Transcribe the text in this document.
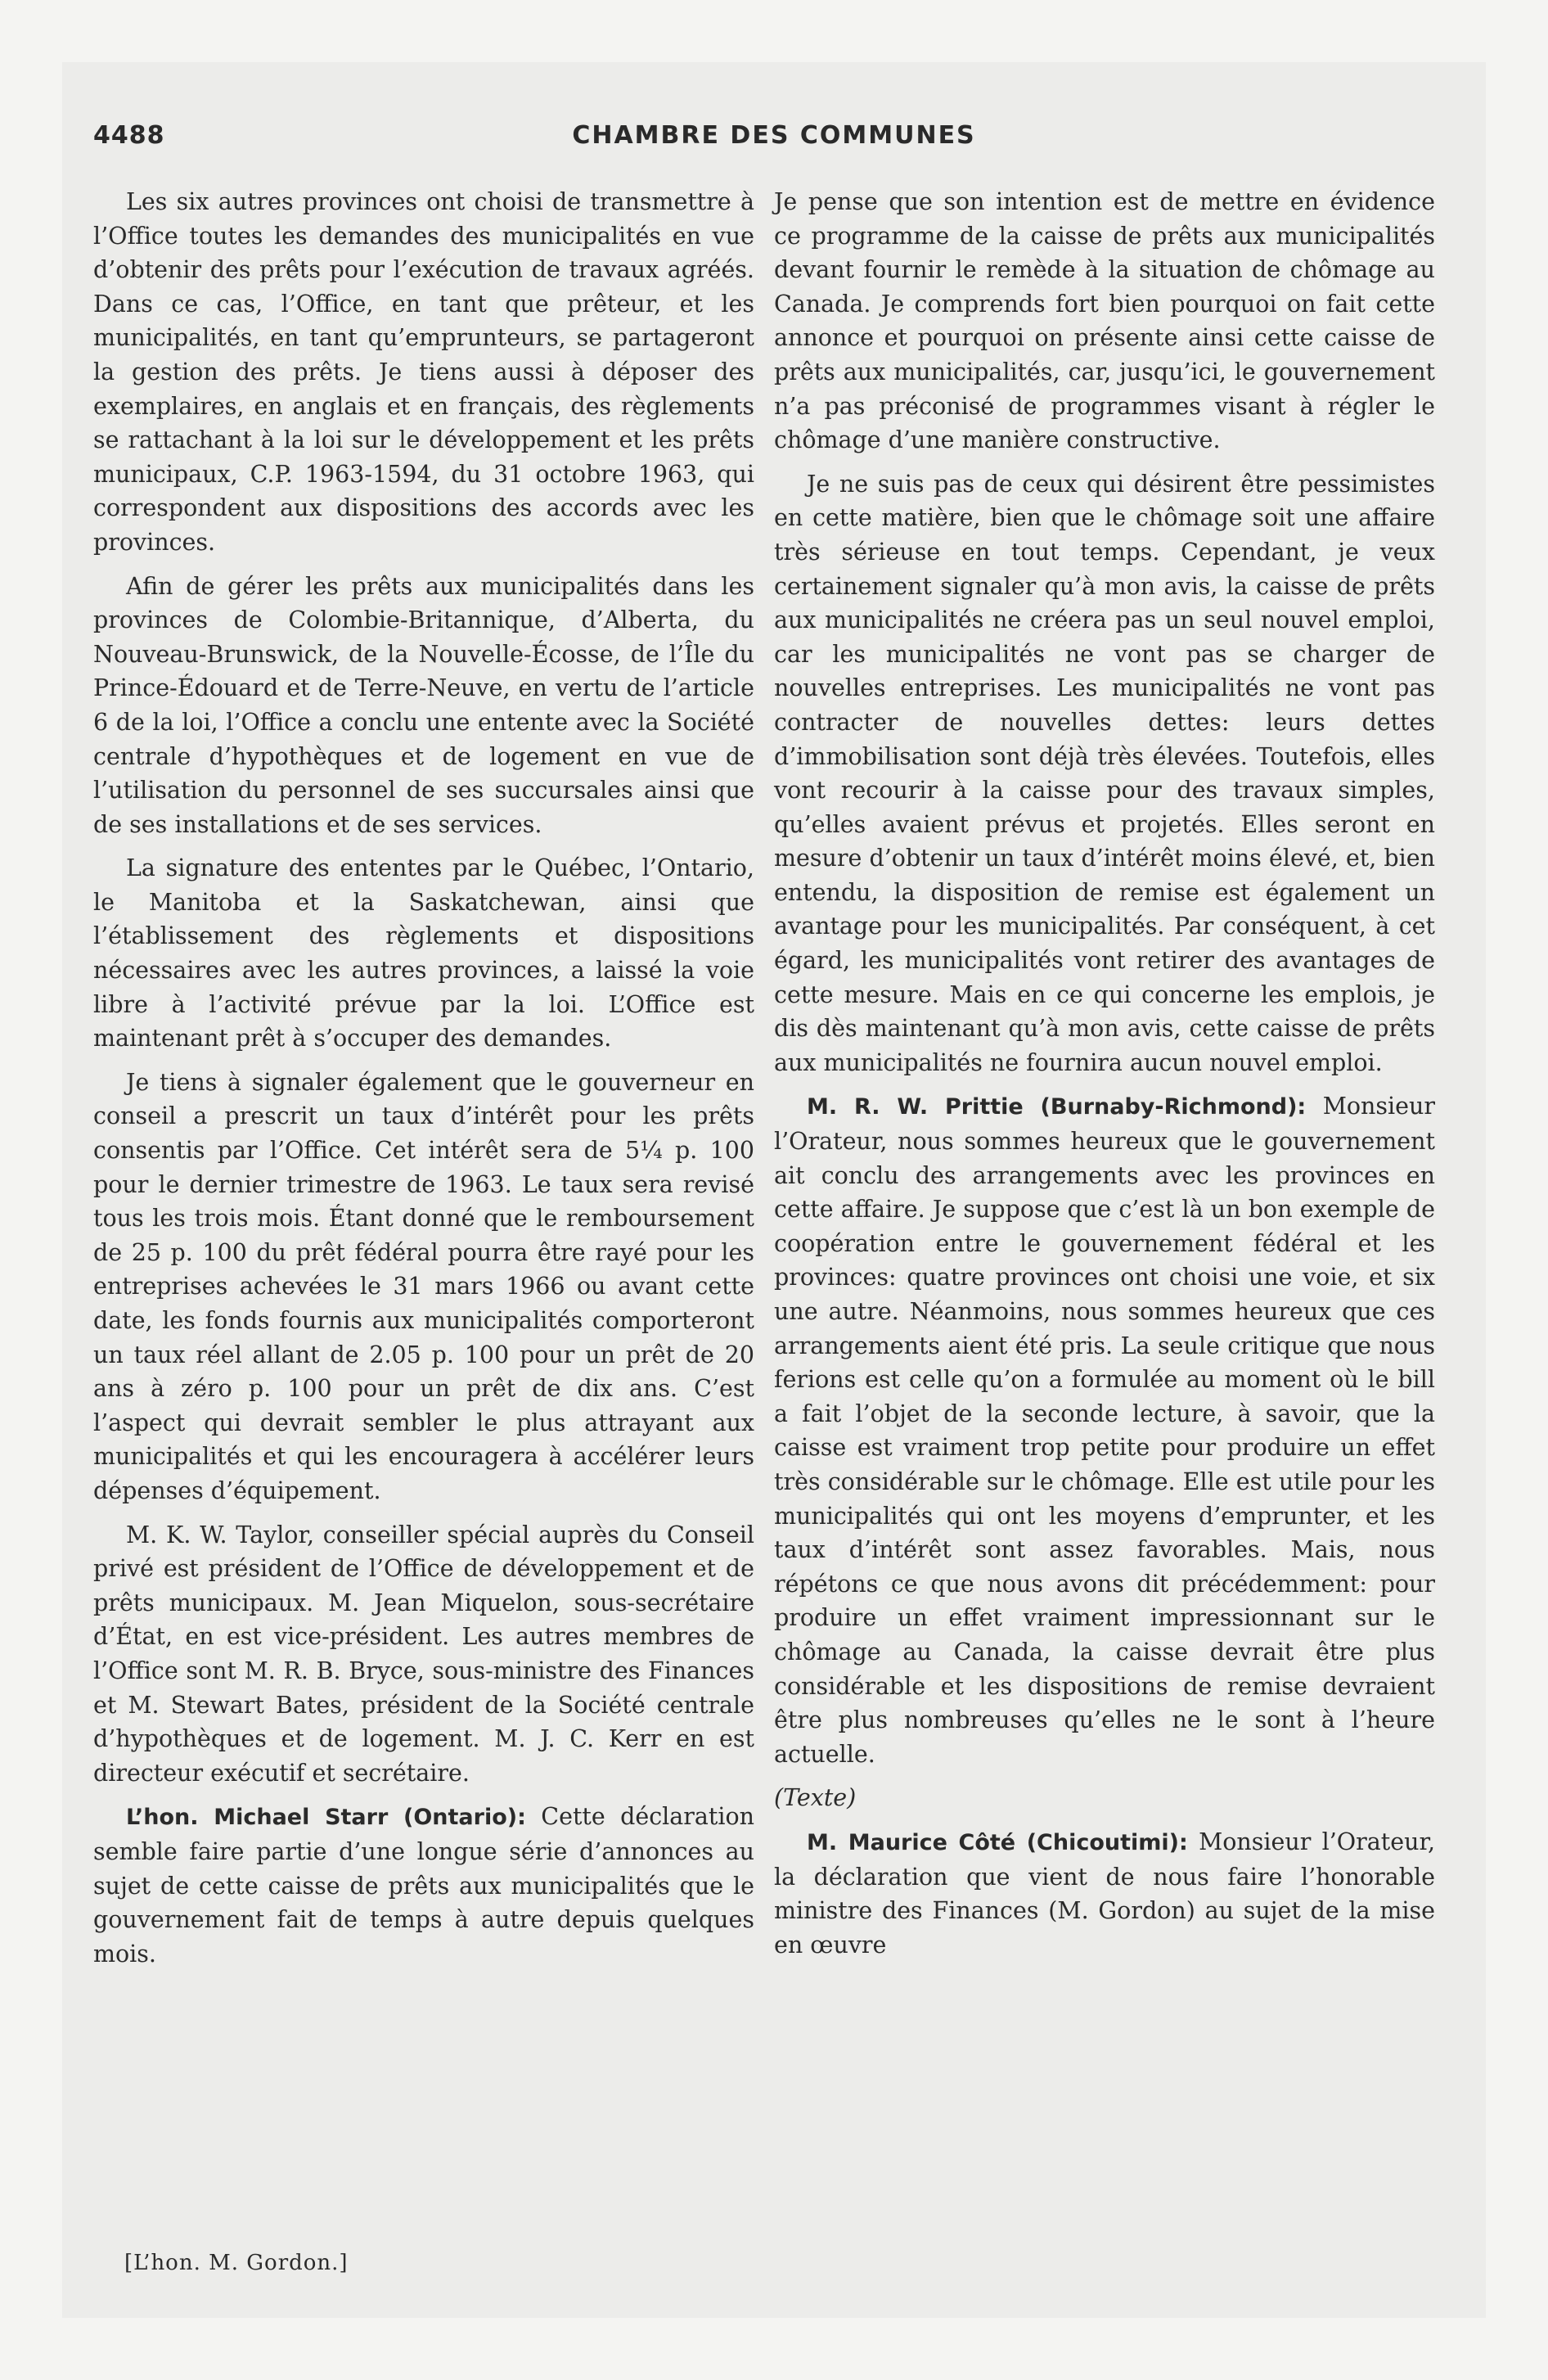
4488	CHAMBRE DES COMMUNES

Les six autres provinces ont choisi de transmettre à l’Office toutes les demandes des municipalités en vue d’obtenir des prêts pour l’exécution de travaux agréés. Dans ce cas, l’Office, en tant que prêteur, et les municipalités, en tant qu’emprunteurs, se partageront la gestion des prêts. Je tiens aussi à déposer des exemplaires, en anglais et en français, des règlements se rattachant à la loi sur le développement et les prêts municipaux, C.P. 1963-1594, du 31 octobre 1963, qui correspondent aux dispositions des accords avec les provinces.

Afin de gérer les prêts aux municipalités dans les provinces de Colombie-Britannique, d’Alberta, du Nouveau-Brunswick, de la Nouvelle-Écosse, de l’Île du Prince-Édouard et de Terre-Neuve, en vertu de l’article 6 de la loi, l’Office a conclu une entente avec la Société centrale d’hypothèques et de logement en vue de l’utilisation du personnel de ses succursales ainsi que de ses installations et de ses services.

La signature des ententes par le Québec, l’Ontario, le Manitoba et la Saskatchewan, ainsi que l’établissement des règlements et dispositions nécessaires avec les autres provinces, a laissé la voie libre à l’activité prévue par la loi. L’Office est maintenant prêt à s’occuper des demandes.

Je tiens à signaler également que le gouverneur en conseil a prescrit un taux d’intérêt pour les prêts consentis par l’Office. Cet intérêt sera de 5¼ p. 100 pour le dernier trimestre de 1963. Le taux sera revisé tous les trois mois. Étant donné que le remboursement de 25 p. 100 du prêt fédéral pourra être rayé pour les entreprises achevées le 31 mars 1966 ou avant cette date, les fonds fournis aux municipalités comporteront un taux réel allant de 2.05 p. 100 pour un prêt de 20 ans à zéro p. 100 pour un prêt de dix ans. C’est l’aspect qui devrait sembler le plus attrayant aux municipalités et qui les encouragera à accélérer leurs dépenses d’équipement.

M. K. W. Taylor, conseiller spécial auprès du Conseil privé est président de l’Office de développement et de prêts municipaux. M. Jean Miquelon, sous-secrétaire d’État, en est vice-président. Les autres membres de l’Office sont M. R. B. Bryce, sous-ministre des Finances et M. Stewart Bates, président de la Société centrale d’hypothèques et de logement. M. J. C. Kerr en est directeur exécutif et secrétaire.

L’hon. Michael Starr (Ontario): Cette déclaration semble faire partie d’une longue série d’annonces au sujet de cette caisse de prêts aux municipalités que le gouvernement fait de temps à autre depuis quelques mois.

Je pense que son intention est de mettre en évidence ce programme de la caisse de prêts aux municipalités devant fournir le remède à la situation de chômage au Canada. Je comprends fort bien pourquoi on fait cette annonce et pourquoi on présente ainsi cette caisse de prêts aux municipalités, car, jusqu’ici, le gouvernement n’a pas préconisé de programmes visant à régler le chômage d’une manière constructive.

Je ne suis pas de ceux qui désirent être pessimistes en cette matière, bien que le chômage soit une affaire très sérieuse en tout temps. Cependant, je veux certainement signaler qu’à mon avis, la caisse de prêts aux municipalités ne créera pas un seul nouvel emploi, car les municipalités ne vont pas se charger de nouvelles entreprises. Les municipalités ne vont pas contracter de nouvelles dettes: leurs dettes d’immobilisation sont déjà très élevées. Toutefois, elles vont recourir à la caisse pour des travaux simples, qu’elles avaient prévus et projetés. Elles seront en mesure d’obtenir un taux d’intérêt moins élevé, et, bien entendu, la disposition de remise est également un avantage pour les municipalités. Par conséquent, à cet égard, les municipalités vont retirer des avantages de cette mesure. Mais en ce qui concerne les emplois, je dis dès maintenant qu’à mon avis, cette caisse de prêts aux municipalités ne fournira aucun nouvel emploi.

M. R. W. Prittie (Burnaby-Richmond): Monsieur l’Orateur, nous sommes heureux que le gouvernement ait conclu des arrangements avec les provinces en cette affaire. Je suppose que c’est là un bon exemple de coopération entre le gouvernement fédéral et les provinces: quatre provinces ont choisi une voie, et six une autre. Néanmoins, nous sommes heureux que ces arrangements aient été pris. La seule critique que nous ferions est celle qu’on a formulée au moment où le bill a fait l’objet de la seconde lecture, à savoir, que la caisse est vraiment trop petite pour produire un effet très considérable sur le chômage. Elle est utile pour les municipalités qui ont les moyens d’emprunter, et les taux d’intérêt sont assez favorables. Mais, nous répétons ce que nous avons dit précédemment: pour produire un effet vraiment impressionnant sur le chômage au Canada, la caisse devrait être plus considérable et les dispositions de remise devraient être plus nombreuses qu’elles ne le sont à l’heure actuelle.

(Texte)

M. Maurice Côté (Chicoutimi): Monsieur l’Orateur, la déclaration que vient de nous faire l’honorable ministre des Finances (M. Gordon) au sujet de la mise en œuvre

[L’hon. M. Gordon.]
